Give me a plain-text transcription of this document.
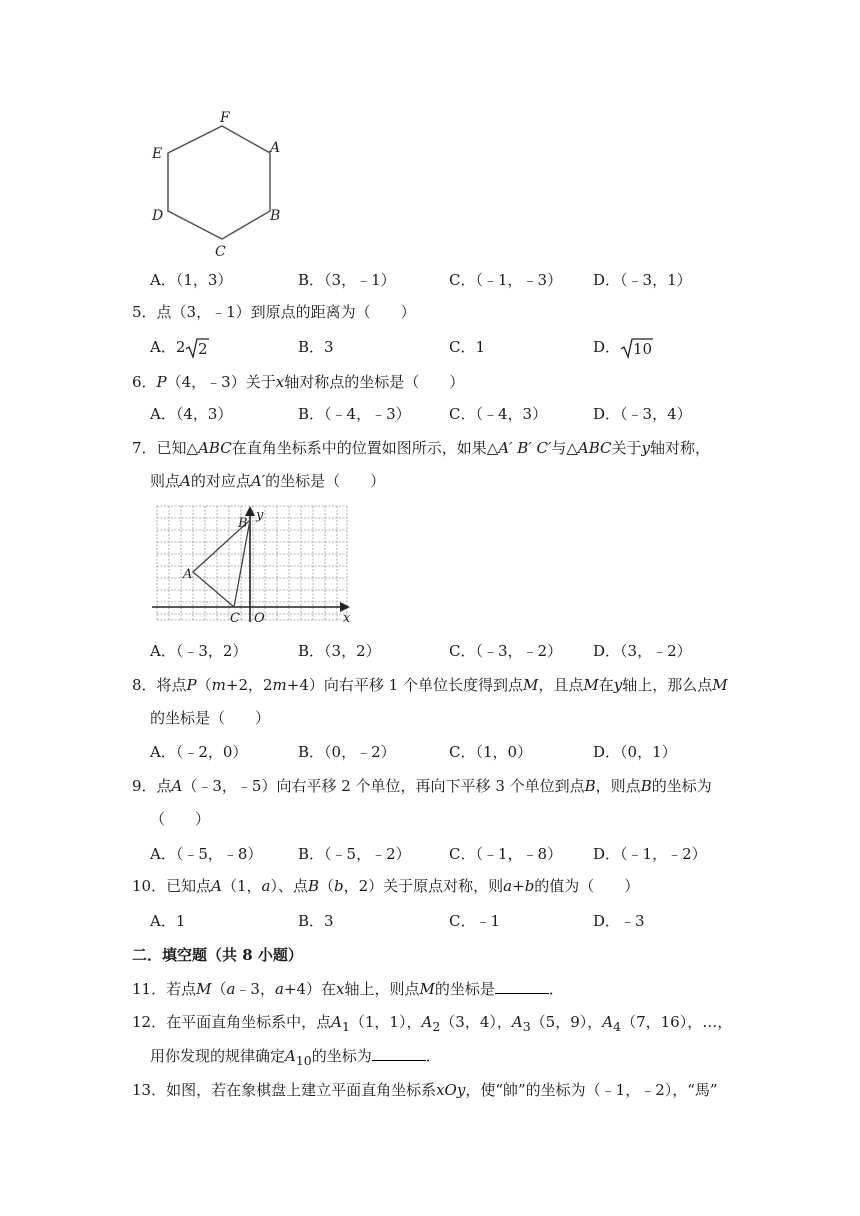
F
A
E
D	B
C
A．（1，3）	B．（3，﹣1）	C．（﹣1，﹣3） D．（﹣3，1）
5．点（3，﹣1）到原点的距离为（　　）
A．2 2	B．3	C．1	D． 10
6．P（4，﹣3）关于x轴对称点的坐标是（　　）
A．（4，3）	B．（﹣4，﹣3）	C．（﹣4，3）	D．（﹣3，4）
7．已知△ABC在直角坐标系中的位置如图所示，如果△A′ B′ C′与△ABC关于y轴对称，
则点A的对应点A′的坐标是（　　）
A
B
y
C O	x
A．（﹣3，2）	B．（3，2）	C．（﹣3，﹣2） D．（3，﹣2）
8．将点P（m+2，2m+4）向右平移 1 个单位长度得到点M，且点M在y轴上，那么点M
的坐标是（　　）
A．（﹣2，0）	B．（0，﹣2）	C．（1，0）	D．（0，1）
9．点A（﹣3，﹣5）向右平移 2 个单位，再向下平移 3 个单位到点B，则点B的坐标为
（　　）
A．（﹣5，﹣8） B．（﹣5，﹣2）	C．（﹣1，﹣8） D．（﹣1，﹣2）
10．已知点A（1，a）、点B（b，2）关于原点对称，则a+b的值为（　　）
A．1	B．3	C．﹣1	D．﹣3
二．填空题（共 8 小题）
11．若点M（a﹣3，a+4）在x轴上，则点M的坐标是	．
12．在平面直角坐标系中，点$A_1(1$，1），$A_2(3$，4），$A_3(5$，9），$A_4(7$，16），…，
用你发现的规律确定$A_{10}$的坐标为	．
13．如图，若在象棋盘上建立平面直角坐标系xOy，使“帥”的坐标为（﹣1，﹣2），“馬”
